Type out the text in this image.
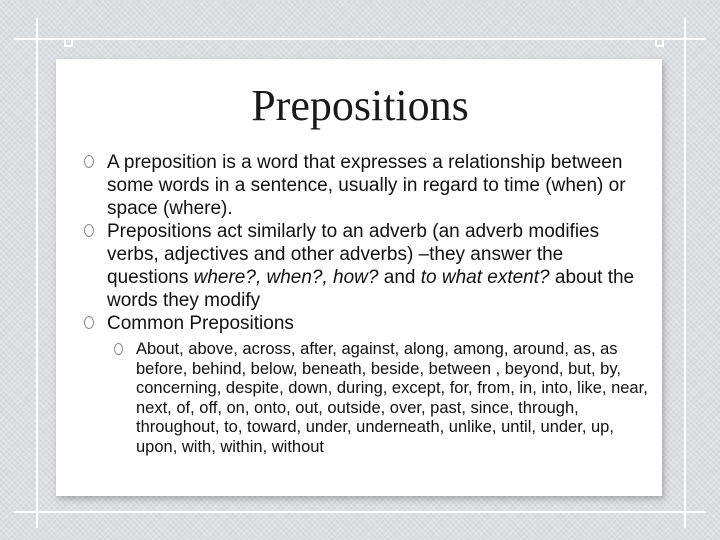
Prepositions
A preposition is a word that expresses a relationship between some words in a sentence, usually in regard to time (when) or space (where).
Prepositions act similarly to an adverb (an adverb modifies verbs, adjectives and other adverbs) –they answer the questions where?, when?, how? and to what extent? about the words they modify
Common Prepositions
About, above, across, after, against, along, among, around, as, as before, behind, below, beneath, beside, between , beyond, but, by, concerning, despite, down, during, except, for, from, in, into, like, near, next, of, off, on, onto, out, outside, over, past, since, through, throughout, to, toward, under, underneath, unlike, until, under, up, upon, with, within, without
